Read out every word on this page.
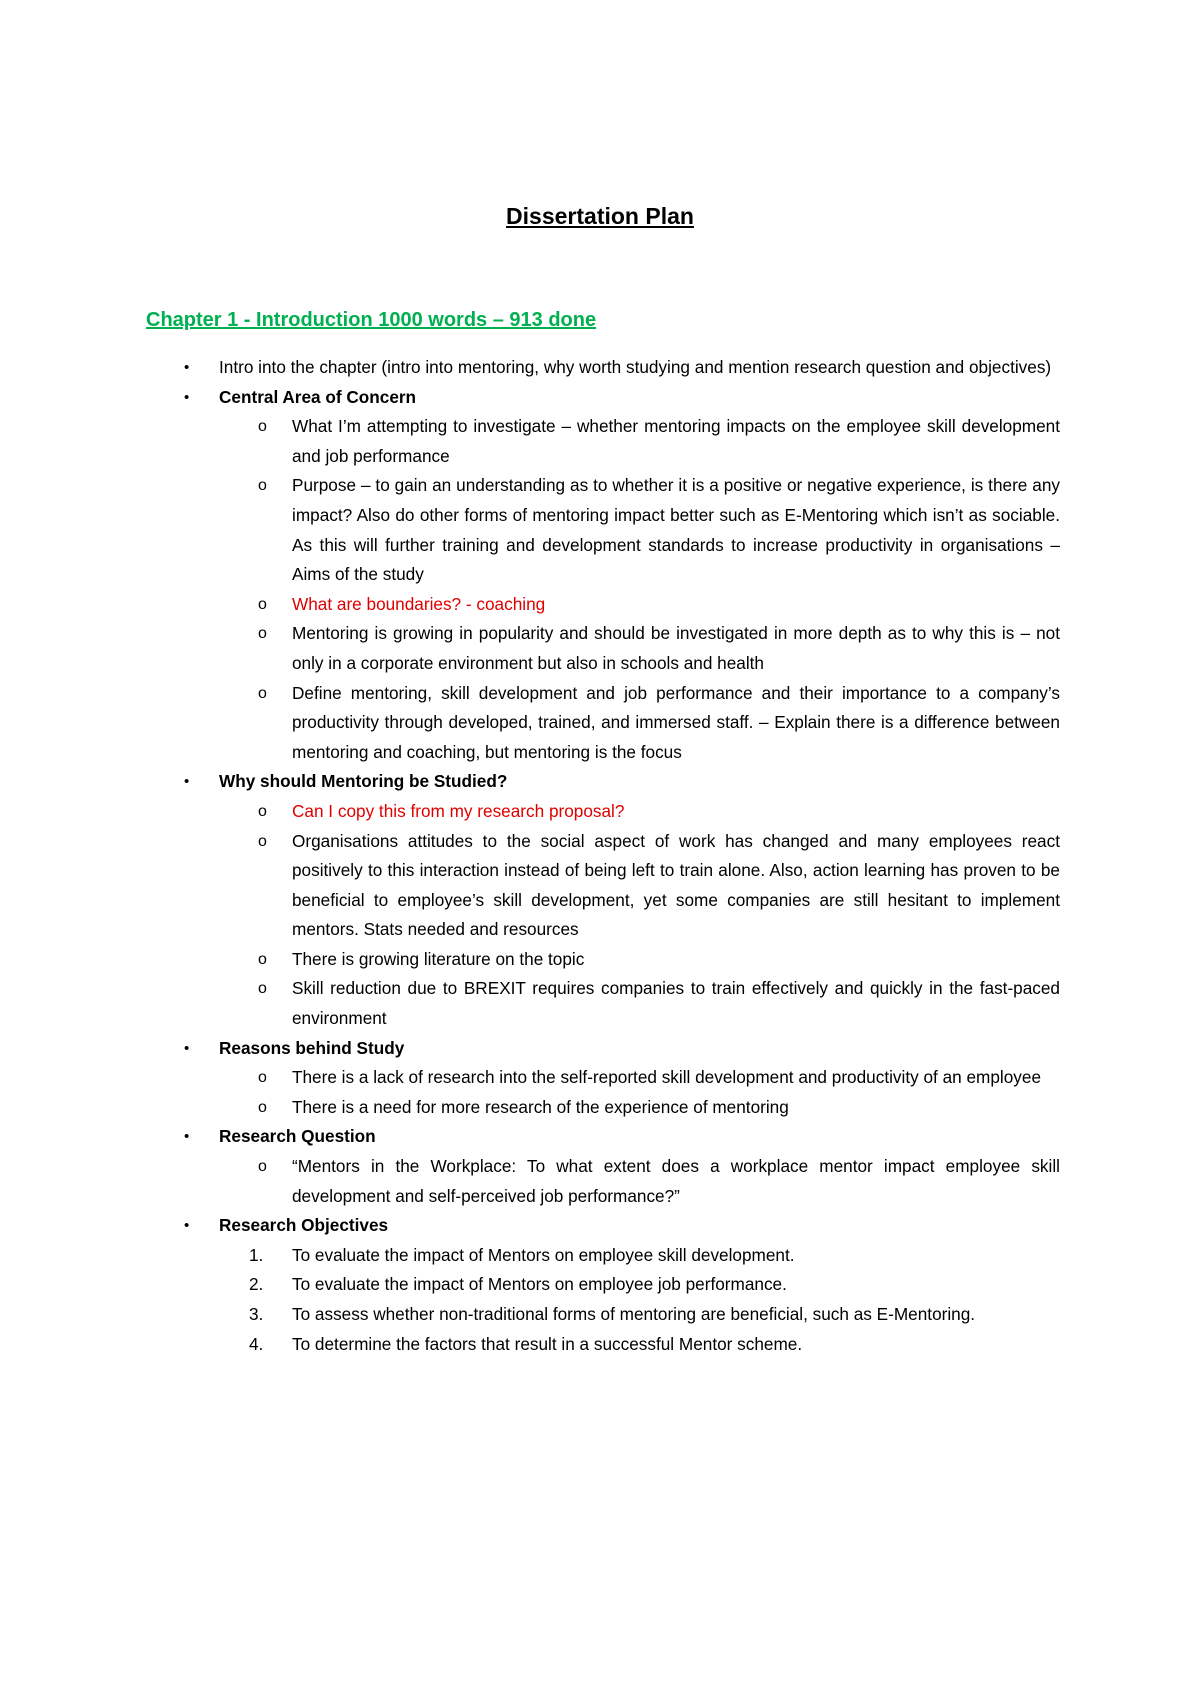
Dissertation Plan
Chapter 1 - Introduction 1000 words – 913 done
• Intro into the chapter (intro into mentoring, why worth studying and mention research question and objectives)
• Central Area of Concern
o What I’m attempting to investigate – whether mentoring impacts on the employee skill development and job performance
o Purpose – to gain an understanding as to whether it is a positive or negative experience, is there any impact? Also do other forms of mentoring impact better such as E-Mentoring which isn’t as sociable. As this will further training and development standards to increase productivity in organisations – Aims of the study
o What are boundaries? - coaching
o Mentoring is growing in popularity and should be investigated in more depth as to why this is – not only in a corporate environment but also in schools and health
o Define mentoring, skill development and job performance and their importance to a company’s productivity through developed, trained, and immersed staff. – Explain there is a difference between mentoring and coaching, but mentoring is the focus
• Why should Mentoring be Studied?
o Can I copy this from my research proposal?
o Organisations attitudes to the social aspect of work has changed and many employees react positively to this interaction instead of being left to train alone. Also, action learning has proven to be beneficial to employee’s skill development, yet some companies are still hesitant to implement mentors. Stats needed and resources
o There is growing literature on the topic
o Skill reduction due to BREXIT requires companies to train effectively and quickly in the fast-paced environment
• Reasons behind Study
o There is a lack of research into the self-reported skill development and productivity of an employee
o There is a need for more research of the experience of mentoring
• Research Question
o “Mentors in the Workplace: To what extent does a workplace mentor impact employee skill development and self-perceived job performance?”
• Research Objectives
1. To evaluate the impact of Mentors on employee skill development.
2. To evaluate the impact of Mentors on employee job performance.
3. To assess whether non-traditional forms of mentoring are beneficial, such as E-Mentoring.
4. To determine the factors that result in a successful Mentor scheme.
